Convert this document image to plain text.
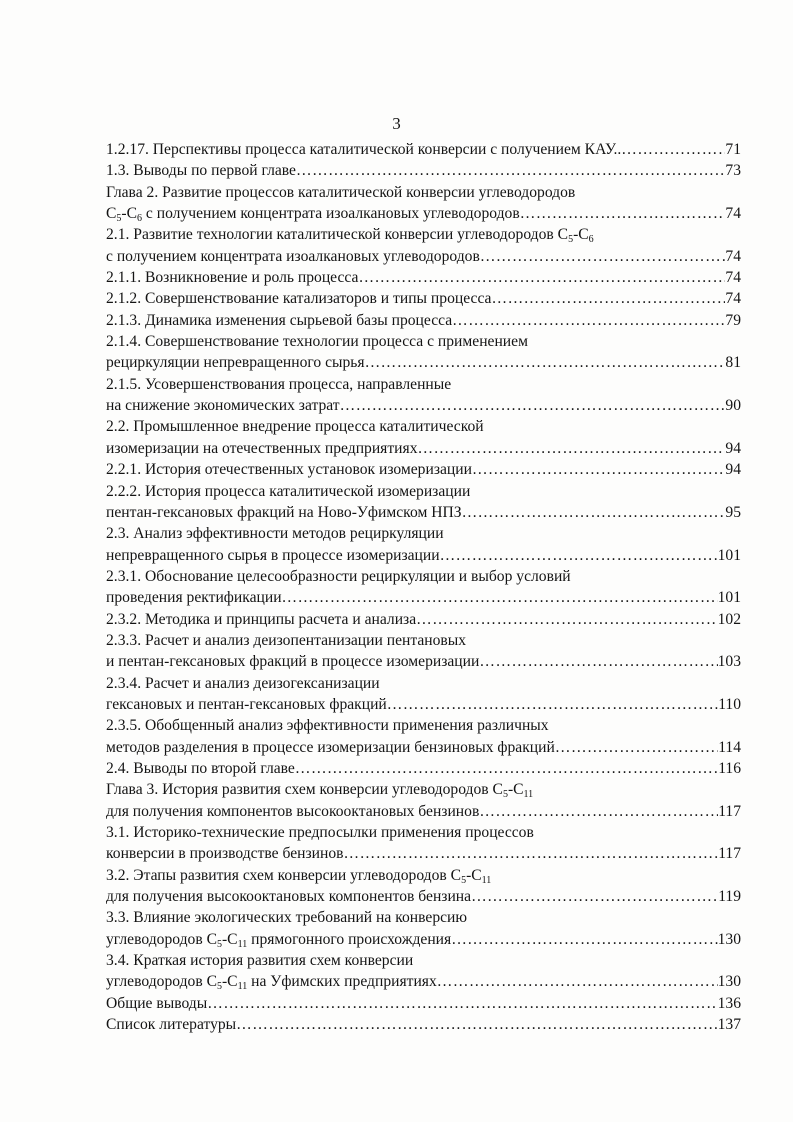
3
1.2.17. Перспективы процесса каталитической конверсии с получением КАУ.. ………………………………………………………………………………………………………………………………………………………………	71
1.3. Выводы по первой главе ………………………………………………………………………………………………………………………………………………………………	73
Глава 2. Развитие процессов каталитической конверсии углеводородов
$C_5-C_6$ с получением концентрата изоалкановых углеводородов ………………………………………………………………………………………………………………………………………………………………	74
2.1. Развитие технологии каталитической конверсии углеводородов $C_5-C_6$
с получением концентрата изоалкановых углеводородов ………………………………………………………………………………………………………………………………………………………………	74
2.1.1. Возникновение и роль процесса ………………………………………………………………………………………………………………………………………………………………	74
2.1.2. Совершенствование катализаторов и типы процесса ………………………………………………………………………………………………………………………………………………………………	74
2.1.3. Динамика изменения сырьевой базы процесса ………………………………………………………………………………………………………………………………………………………………	79
2.1.4. Совершенствование технологии процесса с применением
рециркуляции непревращенного сырья ………………………………………………………………………………………………………………………………………………………………	81
2.1.5. Усовершенствования процесса, направленные
на снижение экономических затрат ………………………………………………………………………………………………………………………………………………………………	90
2.2. Промышленное внедрение процесса каталитической
изомеризации на отечественных предприятиях ………………………………………………………………………………………………………………………………………………………………	94
2.2.1. История отечественных установок изомеризации ………………………………………………………………………………………………………………………………………………………………	94
2.2.2. История процесса каталитической изомеризации
пентан-гексановых фракций на Ново-Уфимском НПЗ ………………………………………………………………………………………………………………………………………………………………	95
2.3. Анализ эффективности методов рециркуляции
непревращенного сырья в процессе изомеризации ………………………………………………………………………………………………………………………………………………………………	101
2.3.1. Обоснование целесообразности рециркуляции и выбор условий
проведения ректификации ………………………………………………………………………………………………………………………………………………………………	101
2.3.2. Методика и принципы расчета и анализа ………………………………………………………………………………………………………………………………………………………………	102
2.3.3. Расчет и анализ деизопентанизации пентановых
и пентан-гексановых фракций в процессе изомеризации ………………………………………………………………………………………………………………………………………………………………	103
2.3.4. Расчет и анализ деизогексанизации
гексановых и пентан-гексановых фракций ………………………………………………………………………………………………………………………………………………………………	110
2.3.5. Обобщенный анализ эффективности применения различных
методов разделения в процессе изомеризации бензиновых фракций ………………………………………………………………………………………………………………………………………………………………	114
2.4. Выводы по второй главе ………………………………………………………………………………………………………………………………………………………………	116
Глава 3. История развития схем конверсии углеводородов $C_5-C_{11}$
для получения компонентов высокооктановых бензинов ………………………………………………………………………………………………………………………………………………………………	117
3.1. Историко-технические предпосылки применения процессов
конверсии в производстве бензинов ………………………………………………………………………………………………………………………………………………………………	117
3.2. Этапы развития схем конверсии углеводородов $C_5-C_{11}$
для получения высокооктановых компонентов бензина ………………………………………………………………………………………………………………………………………………………………	119
3.3. Влияние экологических требований на конверсию
углеводородов $C_5-C_{11}$ прямогонного происхождения ………………………………………………………………………………………………………………………………………………………………	130
3.4. Краткая история развития схем конверсии
углеводородов $C_5-C_{11}$ на Уфимских предприятиях ………………………………………………………………………………………………………………………………………………………………	130
Общие выводы ………………………………………………………………………………………………………………………………………………………………	136
Список литературы ………………………………………………………………………………………………………………………………………………………………	137
